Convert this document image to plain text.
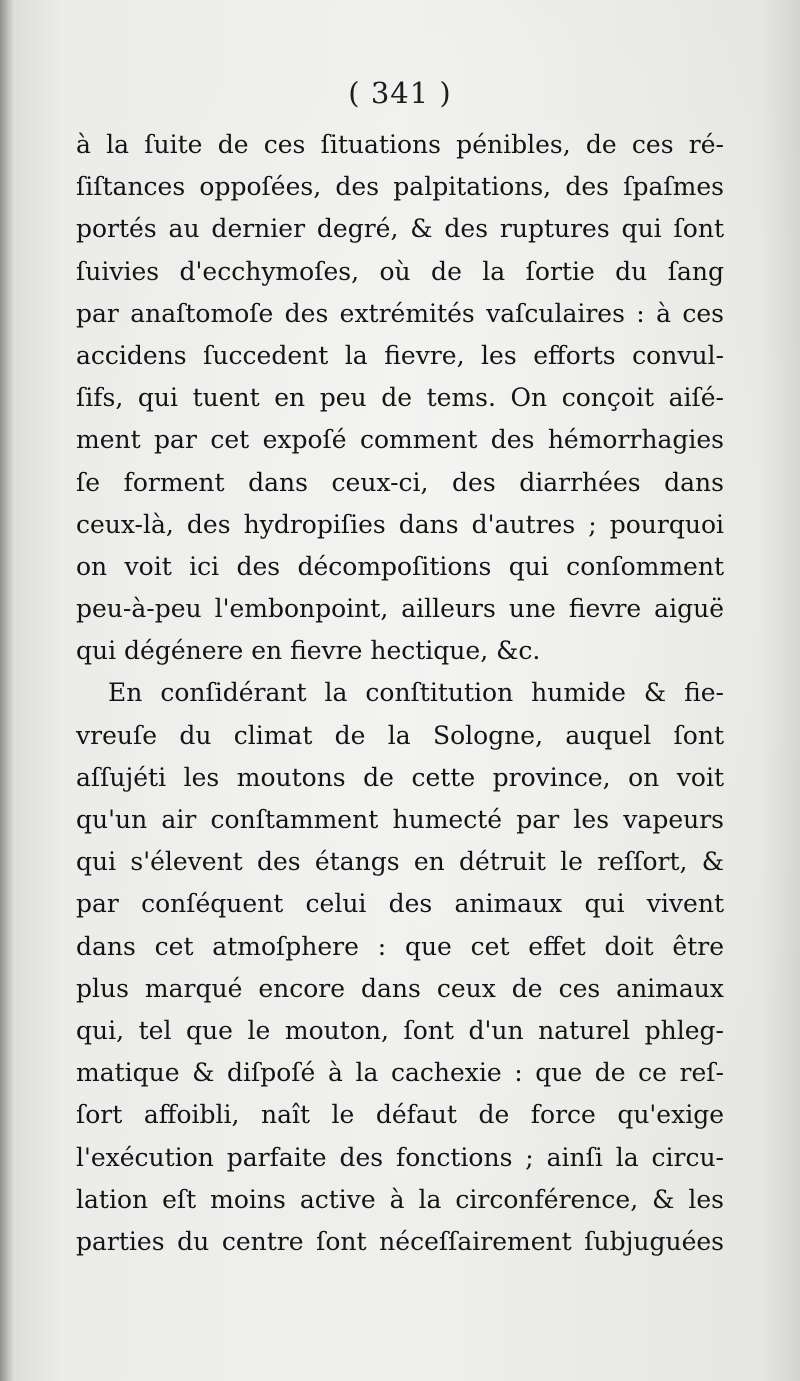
( 341 )
à la ſuite de ces ſituations pénibles, de ces ré-
ſiſtances oppoſées, des palpitations, des ſpaſmes
portés au dernier degré, & des ruptures qui ſont
ſuivies d'ecchymoſes, où de la ſortie du ſang
par anaſtomoſe des extrémités vaſculaires : à ces
accidens ſuccedent la fievre, les efforts convul-
ſifs, qui tuent en peu de tems. On conçoit aiſé-
ment par cet expoſé comment des hémorrhagies
ſe forment dans ceux-ci, des diarrhées dans
ceux-là, des hydropiſies dans d'autres ; pourquoi
on voit ici des décompoſitions qui conſomment
peu-à-peu l'embonpoint, ailleurs une fievre aiguë
qui dégénere en fievre hectique, &c.
En conſidérant la conſtitution humide & fie-
vreuſe du climat de la Sologne, auquel ſont
aſſujéti les moutons de cette province, on voit
qu'un air conſtamment humecté par les vapeurs
qui s'élevent des étangs en détruit le reſſort, &
par conſéquent celui des animaux qui vivent
dans cet atmoſphere : que cet effet doit être
plus marqué encore dans ceux de ces animaux
qui, tel que le mouton, ſont d'un naturel phleg-
matique & diſpoſé à la cachexie : que de ce reſ-
ſort affoibli, naît le défaut de force qu'exige
l'exécution parfaite des fonctions ; ainſi la circu-
lation eſt moins active à la circonférence, & les
parties du centre ſont néceſſairement ſubjuguées
